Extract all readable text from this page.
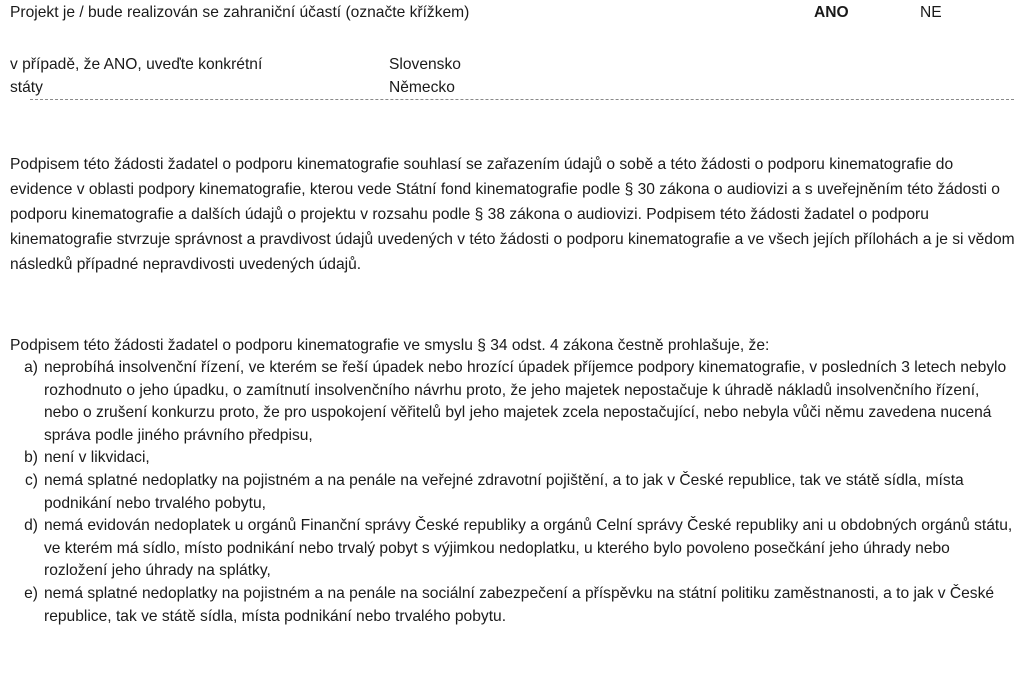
Projekt je / bude realizován se zahraniční účastí (označte křížkem)	ANO	NE
v případě, že ANO, uveďte konkrétní
státy
Slovensko
Německo

Podpisem této žádosti žadatel o podporu kinematografie souhlasí se zařazením údajů o sobě a této žádosti o podporu kinematografie do evidence v oblasti podpory kinematografie, kterou vede Státní fond kinematografie podle § 30 zákona o audiovizi a s uveřejněním této žádosti o podporu kinematografie a dalších údajů o projektu v rozsahu podle § 38 zákona o audiovizi. Podpisem této žádosti žadatel o podporu kinematografie stvrzuje správnost a pravdivost údajů uvedených v této žádosti o podporu kinematografie a ve všech jejích přílohách a je si vědom následků případné nepravdivosti uvedených údajů.

Podpisem této žádosti žadatel o podporu kinematografie ve smyslu § 34 odst. 4 zákona čestně prohlašuje, že:

a) neprobíhá insolvenční řízení, ve kterém se řeší úpadek nebo hrozící úpadek příjemce podpory kinematografie, v posledních 3 letech nebylo rozhodnuto o jeho úpadku, o zamítnutí insolvenčního návrhu proto, že jeho majetek nepostačuje k úhradě nákladů insolvenčního řízení, nebo o zrušení konkurzu proto, že pro uspokojení věřitelů byl jeho majetek zcela nepostačující, nebo nebyla vůči němu zavedena nucená správa podle jiného právního předpisu,
b) není v likvidaci,
c) nemá splatné nedoplatky na pojistném a na penále na veřejné zdravotní pojištění, a to jak v České republice, tak ve státě sídla, místa podnikání nebo trvalého pobytu,
d) nemá evidován nedoplatek u orgánů Finanční správy České republiky a orgánů Celní správy České republiky ani u obdobných orgánů státu, ve kterém má sídlo, místo podnikání nebo trvalý pobyt s výjimkou nedoplatku, u kterého bylo povoleno posečkání jeho úhrady nebo rozložení jeho úhrady na splátky,
e) nemá splatné nedoplatky na pojistném a na penále na sociální zabezpečení a příspěvku na státní politiku zaměstnanosti, a to jak v České republice, tak ve státě sídla, místa podnikání nebo trvalého pobytu.
